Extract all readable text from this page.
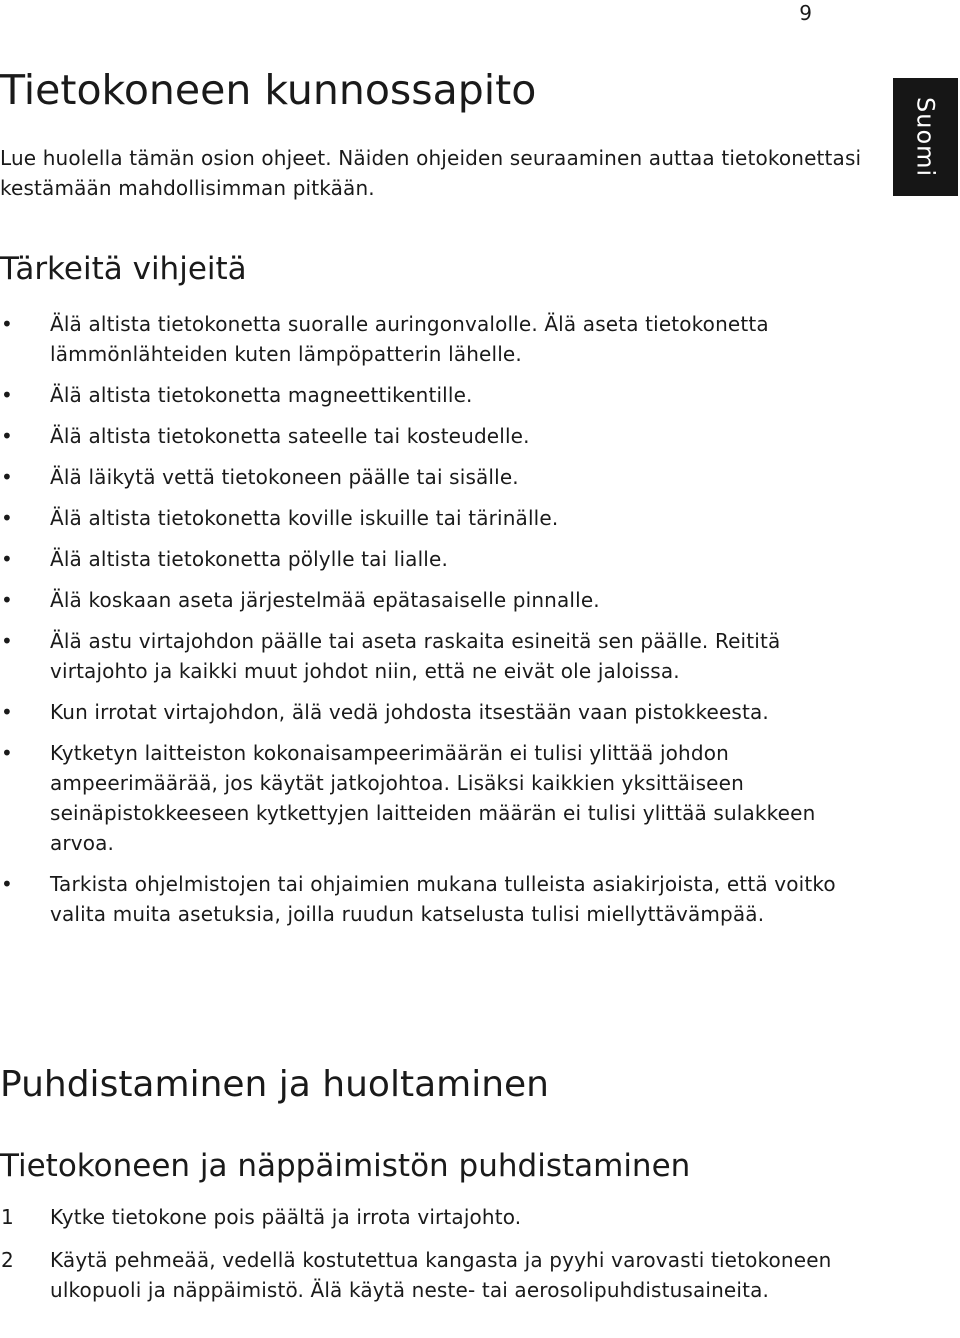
9
Suomi
Tietokoneen kunnossapito

Lue huolella tämän osion ohjeet. Näiden ohjeiden seuraaminen auttaa tietokonettasi kestämään mahdollisimman pitkään.

Tärkeitä vihjeitä
•	Älä altista tietokonetta suoralle auringonvalolle. Älä aseta tietokonetta lämmönlähteiden kuten lämpöpatterin lähelle.
•	Älä altista tietokonetta magneettikentille.
•	Älä altista tietokonetta sateelle tai kosteudelle.
•	Älä läikytä vettä tietokoneen päälle tai sisälle.
•	Älä altista tietokonetta koville iskuille tai tärinälle.
•	Älä altista tietokonetta pölylle tai lialle.
•	Älä koskaan aseta järjestelmää epätasaiselle pinnalle.
•	Älä astu virtajohdon päälle tai aseta raskaita esineitä sen päälle. Reititä virtajohto ja kaikki muut johdot niin, että ne eivät ole jaloissa.
•	Kun irrotat virtajohdon, älä vedä johdosta itsestään vaan pistokkeesta.
•	Kytketyn laitteiston kokonaisampeerimäärän ei tulisi ylittää johdon ampeerimäärää, jos käytät jatkojohtoa. Lisäksi kaikkien yksittäiseen seinäpistokkeeseen kytkettyjen laitteiden määrän ei tulisi ylittää sulakkeen arvoa.
•	Tarkista ohjelmistojen tai ohjaimien mukana tulleista asiakirjoista, että voitko valita muita asetuksia, joilla ruudun katselusta tulisi miellyttävämpää.
Puhdistaminen ja huoltaminen
Tietokoneen ja näppäimistön puhdistaminen
1	Kytke tietokone pois päältä ja irrota virtajohto.
2	Käytä pehmeää, vedellä kostutettua kangasta ja pyyhi varovasti tietokoneen ulkopuoli ja näppäimistö. Älä käytä neste- tai aerosolipuhdistusaineita.
